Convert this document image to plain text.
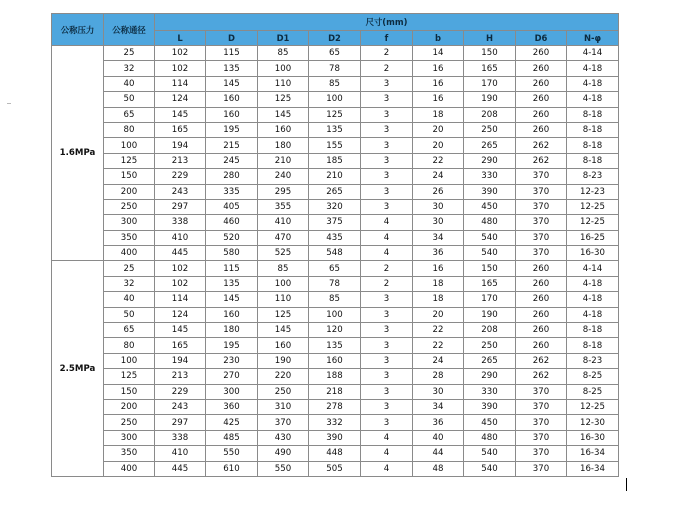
公称压力	公称通径	尺寸(mm)								
		L	D	D1	D2	f	b	H	D6	N-φ
1.6MPa	25	102	115	85	65	2	14	150	260	4-14
	32	102	135	100	78	2	16	165	260	4-18
	40	114	145	110	85	3	16	170	260	4-18
	50	124	160	125	100	3	16	190	260	4-18
	65	145	160	145	125	3	18	208	260	8-18
	80	165	195	160	135	3	20	250	260	8-18
	100	194	215	180	155	3	20	265	262	8-18
	125	213	245	210	185	3	22	290	262	8-18
	150	229	280	240	210	3	24	330	370	8-23
	200	243	335	295	265	3	26	390	370	12-23
	250	297	405	355	320	3	30	450	370	12-25
	300	338	460	410	375	4	30	480	370	12-25
	350	410	520	470	435	4	34	540	370	16-25
	400	445	580	525	548	4	36	540	370	16-30
2.5MPa	25	102	115	85	65	2	16	150	260	4-14
	32	102	135	100	78	2	18	165	260	4-18
	40	114	145	110	85	3	18	170	260	4-18
	50	124	160	125	100	3	20	190	260	4-18
	65	145	180	145	120	3	22	208	260	8-18
	80	165	195	160	135	3	22	250	260	8-18
	100	194	230	190	160	3	24	265	262	8-23
	125	213	270	220	188	3	28	290	262	8-25
	150	229	300	250	218	3	30	330	370	8-25
	200	243	360	310	278	3	34	390	370	12-25
	250	297	425	370	332	3	36	450	370	12-30
	300	338	485	430	390	4	40	480	370	16-30
	350	410	550	490	448	4	44	540	370	16-34
	400	445	610	550	505	4	48	540	370	16-34
